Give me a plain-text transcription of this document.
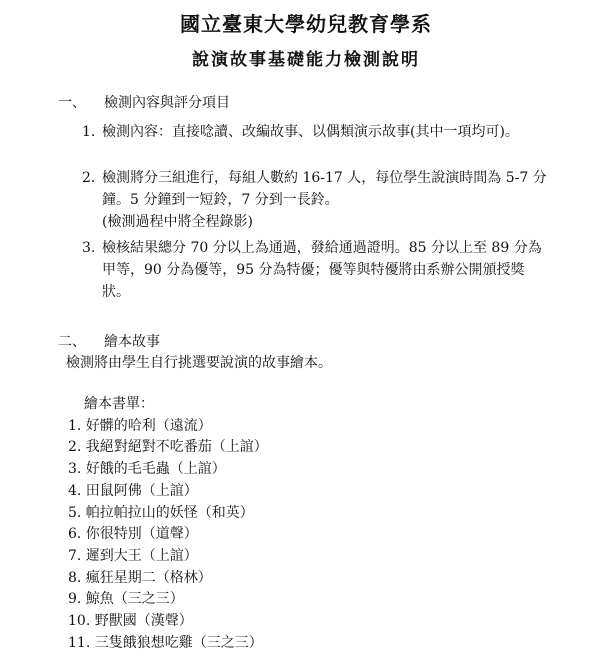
國立臺東大學幼兒教育學系
說演故事基礎能力檢測說明
一、 檢測內容與評分項目
1. 檢測內容：直接唸讀、改編故事、以偶類演示故事(其中一項均可)。
2. 檢測將分三組進行，每組人數約 16-17 人，每位學生說演時間為 5-7 分鐘。5 分鐘到一短鈴，7 分到一長鈴。
(檢測過程中將全程錄影)
3. 檢核結果總分 70 分以上為通過，發給通過證明。85 分以上至 89 分為甲等，90 分為優等，95 分為特優；優等與特優將由系辦公開頒授獎狀。
二、 繪本故事
檢測將由學生自行挑選要說演的故事繪本。
繪本書單：
1. 好髒的哈利（遠流）
2. 我絕對絕對不吃番茄（上誼）
3. 好餓的毛毛蟲（上誼）
4. 田鼠阿佛（上誼）
5. 帕拉帕拉山的妖怪（和英）
6. 你很特別（道聲）
7. 遲到大王（上誼）
8. 瘋狂星期二（格林）
9. 鯨魚（三之三）
10. 野獸國（漢聲）
11. 三隻餓狼想吃雞（三之三）
